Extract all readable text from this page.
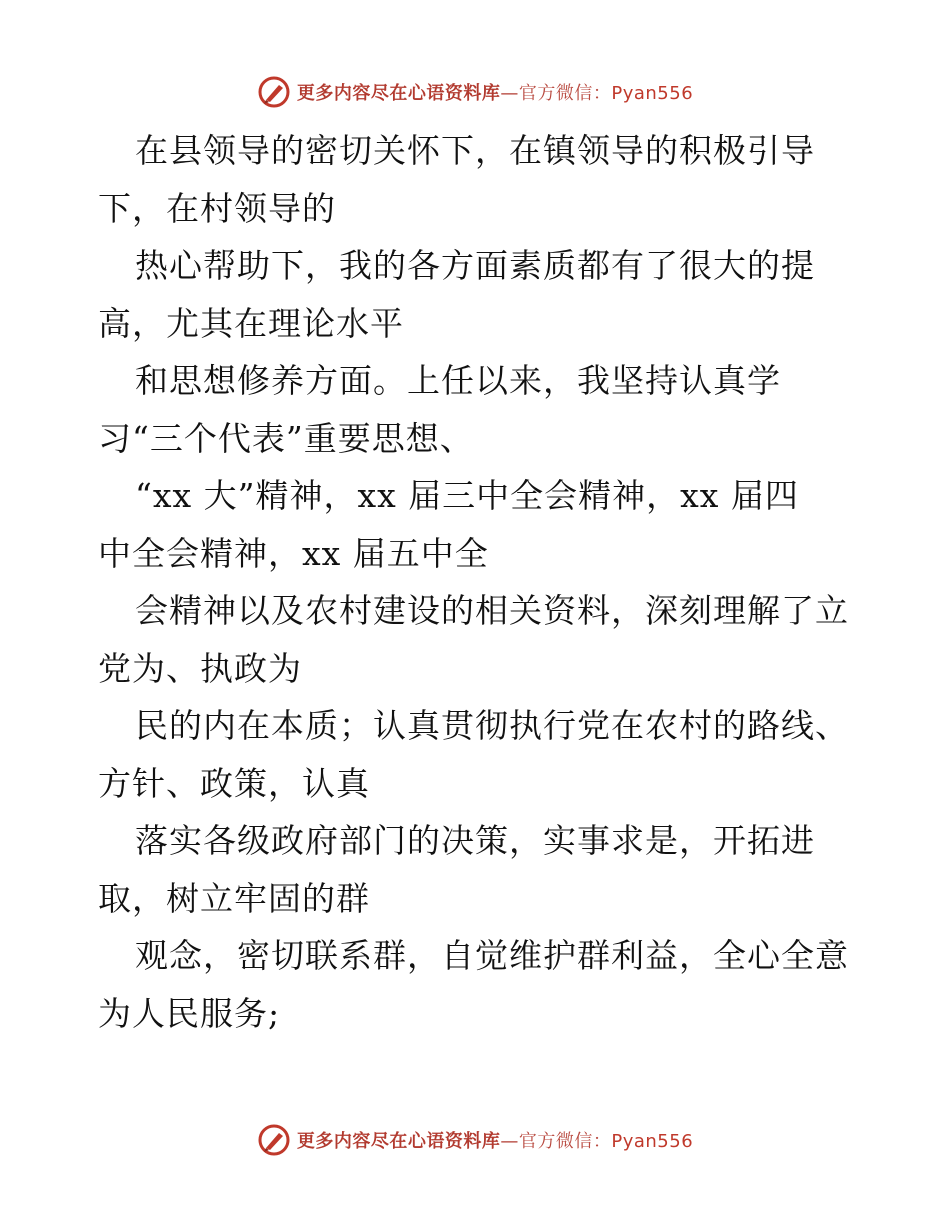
更多内容尽在心语资料库—官方微信：Pyan556
在县领导的密切关怀下，在镇领导的积极引导
下，在村领导的
热心帮助下，我的各方面素质都有了很大的提
高，尤其在理论水平
和思想修养方面。上任以来，我坚持认真学
习“三个代表”重要思想、
“xx 大”精神，xx 届三中全会精神，xx 届四
中全会精神，xx 届五中全
会精神以及农村建设的相关资料，深刻理解了立
党为、执政为
民的内在本质；认真贯彻执行党在农村的路线、
方针、政策，认真
落实各级政府部门的决策，实事求是，开拓进
取，树立牢固的群
观念，密切联系群，自觉维护群利益，全心全意
为人民服务;
更多内容尽在心语资料库—官方微信：Pyan556
